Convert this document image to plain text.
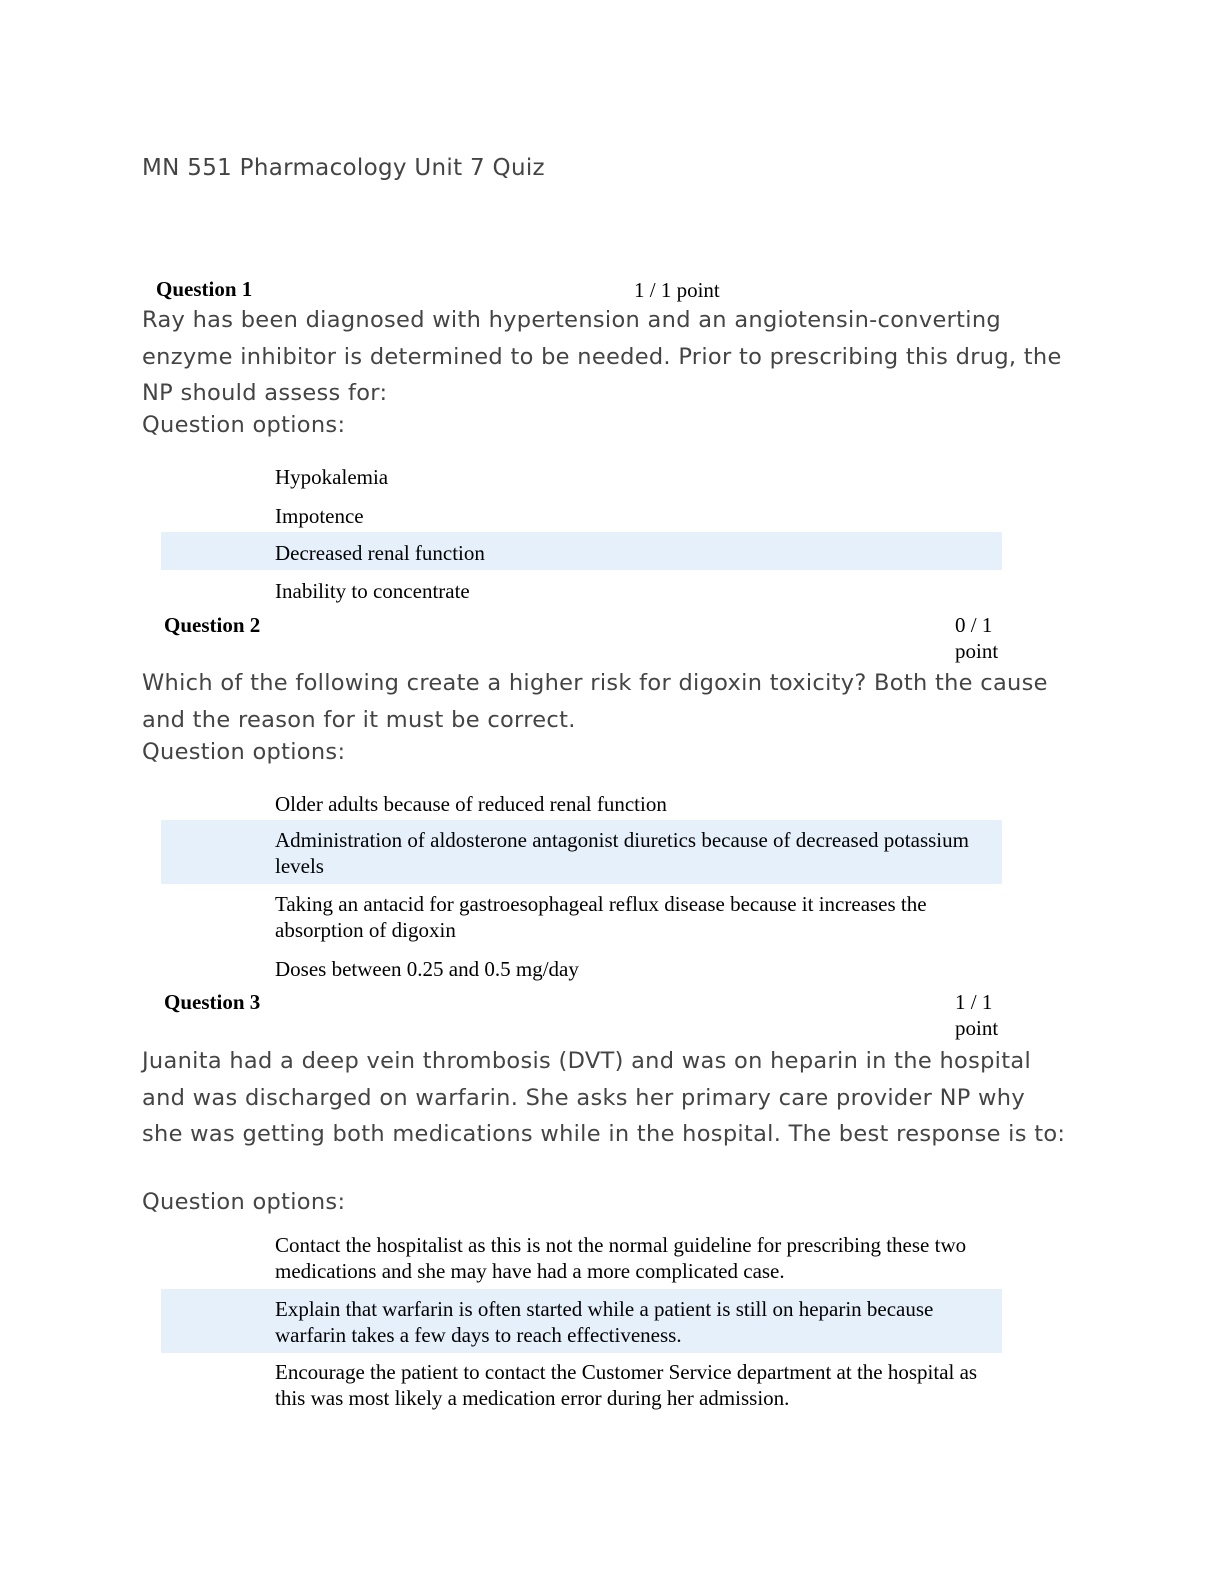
MN 551 Pharmacology Unit 7 Quiz
Question 1	1 / 1 point

Ray has been diagnosed with hypertension and an angiotensin-converting enzyme inhibitor is determined to be needed. Prior to prescribing this drug, the NP should assess for:

Question options:
Hypokalemia
Impotence
Decreased renal function
Inability to concentrate
Question 2	0 / 1 point

Which of the following create a higher risk for digoxin toxicity? Both the cause and the reason for it must be correct.

Question options:
Older adults because of reduced renal function
Administration of aldosterone antagonist diuretics because of decreased potassium levels
Taking an antacid for gastroesophageal reflux disease because it increases the absorption of digoxin
Doses between 0.25 and 0.5 mg/day
Question 3	1 / 1 point

Juanita had a deep vein thrombosis (DVT) and was on heparin in the hospital and was discharged on warfarin. She asks her primary care provider NP why she was getting both medications while in the hospital. The best response is to:

Question options:
Contact the hospitalist as this is not the normal guideline for prescribing these two medications and she may have had a more complicated case.
Explain that warfarin is often started while a patient is still on heparin because warfarin takes a few days to reach effectiveness.
Encourage the patient to contact the Customer Service department at the hospital as this was most likely a medication error during her admission.
